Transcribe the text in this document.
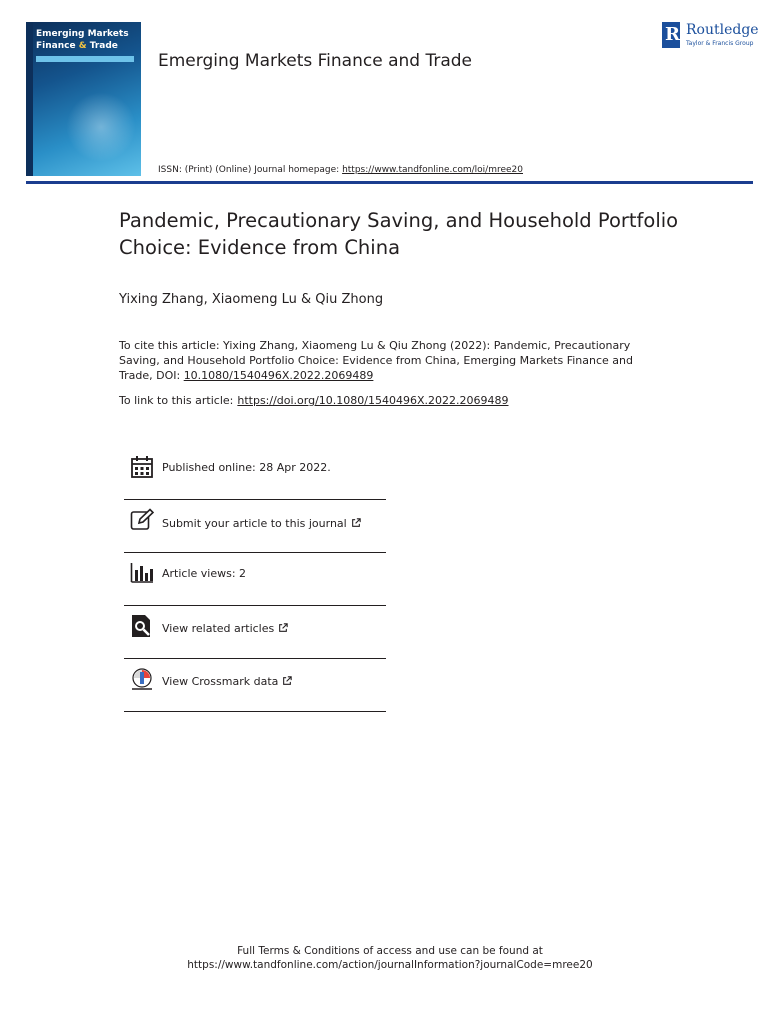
Emerging Markets
Finance & Trade
Emerging Markets Finance and Trade
ISSN: (Print) (Online) Journal homepage: https://www.tandfonline.com/loi/mree20
R Routledge
Taylor & Francis Group
Pandemic, Precautionary Saving, and Household Portfolio Choice: Evidence from China
Yixing Zhang, Xiaomeng Lu & Qiu Zhong
To cite this article: Yixing Zhang, Xiaomeng Lu & Qiu Zhong (2022): Pandemic, Precautionary Saving, and Household Portfolio Choice: Evidence from China, Emerging Markets Finance and Trade, DOI: 10.1080/1540496X.2022.2069489
To link to this article: https://doi.org/10.1080/1540496X.2022.2069489
Published online: 28 Apr 2022.
Submit your article to this journal
Article views: 2
View related articles
View Crossmark data
Full Terms & Conditions of access and use can be found at
https://www.tandfonline.com/action/journalInformation?journalCode=mree20
